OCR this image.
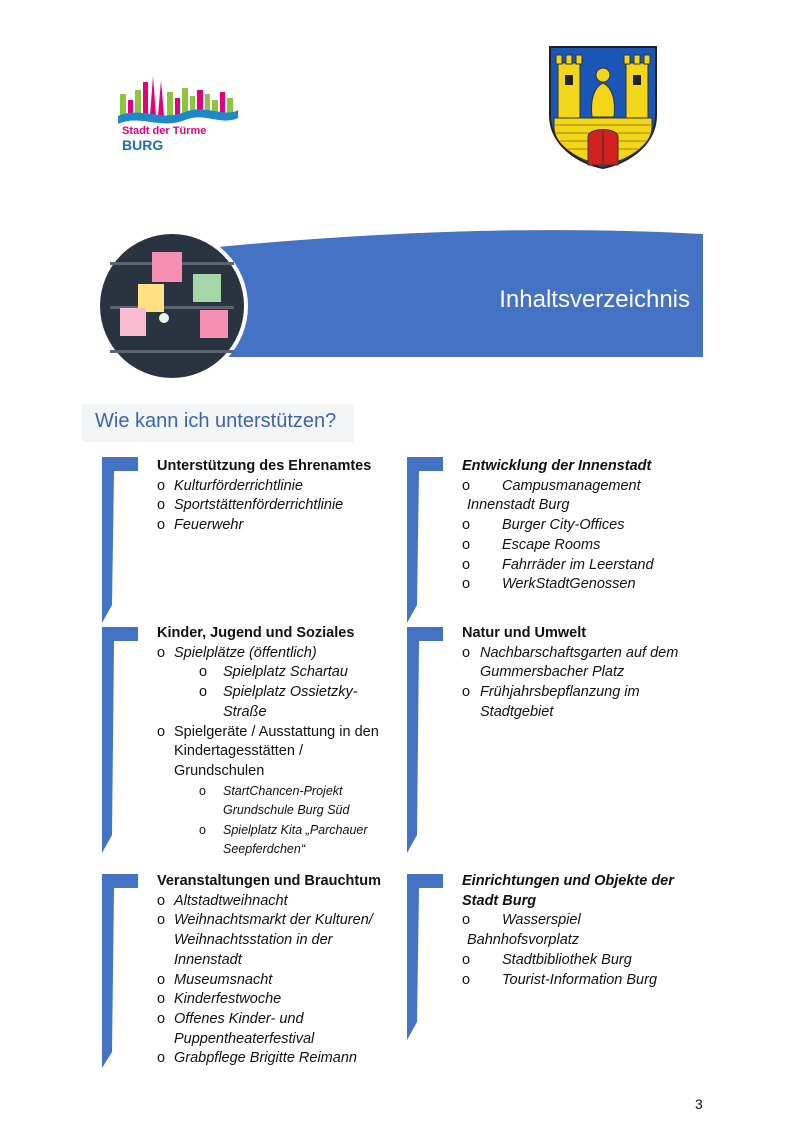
Stadt der Türme
BURG
Inhaltsverzeichnis
Wie kann ich unterstützen?
Unterstützung des Ehrenamtes
o Kulturförderrichtlinie
o Sportstättenförderrichtlinie
o Feuerwehr
Entwicklung der Innenstadt
o Campusmanagement
Innenstadt Burg
o Burger City-Offices
o Escape Rooms
o Fahrräder im Leerstand
o WerkStadtGenossen
Kinder, Jugend und Soziales
o Spielplätze (öffentlich)
o Spielplatz Schartau
o Spielplatz Ossietzky-
Straße
o Spielgeräte / Ausstattung in den
Kindertagesstätten /
Grundschulen
o StartChancen-Projekt
Grundschule Burg Süd
o Spielplatz Kita „Parchauer
Seepferdchen“
Natur und Umwelt
o Nachbarschaftsgarten auf dem
Gummersbacher Platz
o Frühjahrsbepflanzung im
Stadtgebiet
Veranstaltungen und Brauchtum
o Altstadtweihnacht
o Weihnachtsmarkt der Kulturen/
Weihnachtsstation in der
Innenstadt
o Museumsnacht
o Kinderfestwoche
o Offenes Kinder- und
Puppentheaterfestival
o Grabpflege Brigitte Reimann
Einrichtungen und Objekte der
Stadt Burg
o Wasserspiel
Bahnhofsvorplatz
o Stadtbibliothek Burg
o Tourist-Information Burg
3
